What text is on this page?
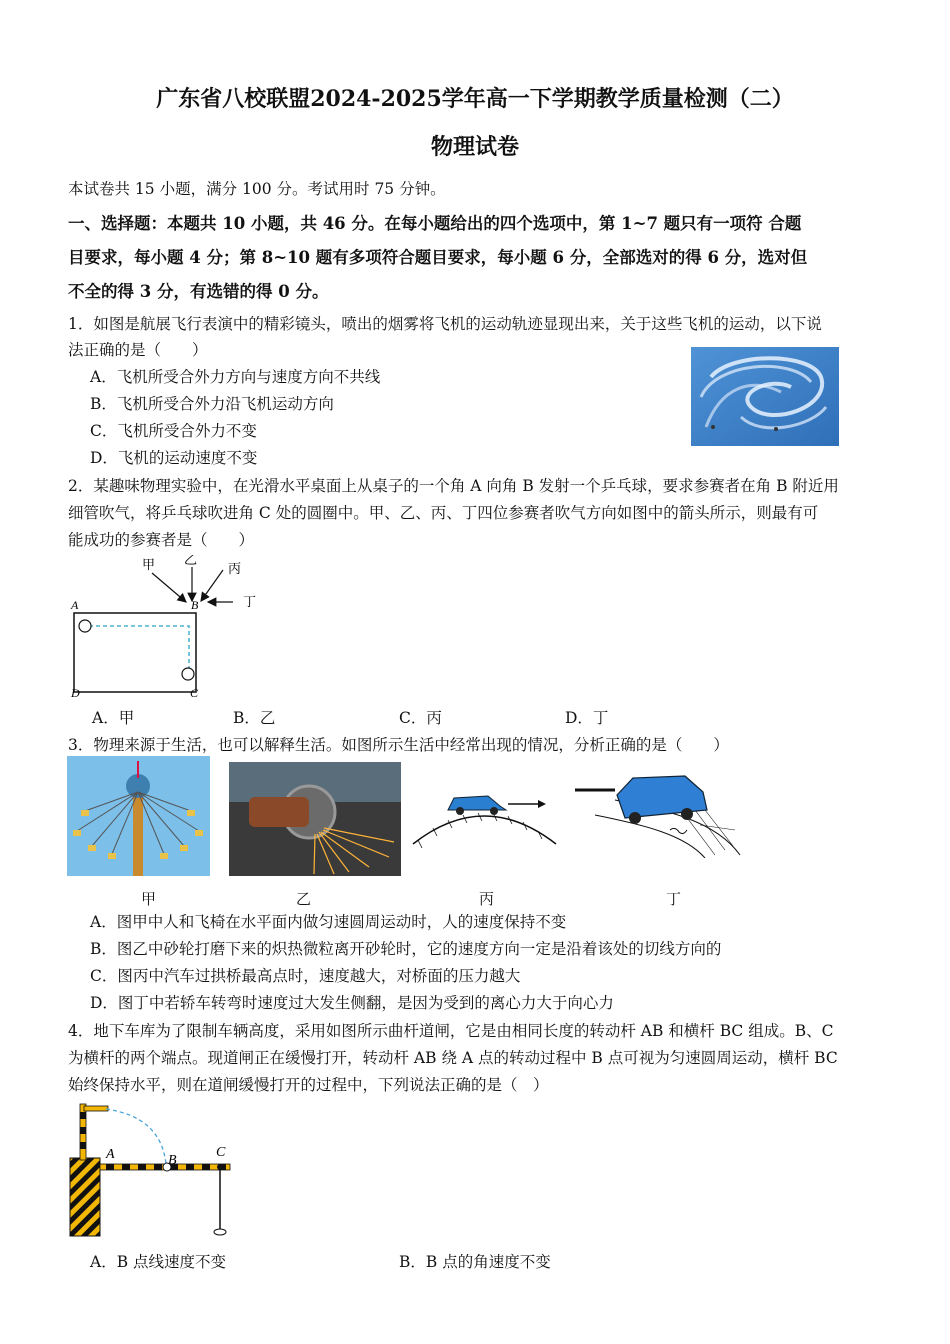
广东省八校联盟2024-2025学年高一下学期教学质量检测（二）
物理试卷
本试卷共 15 小题，满分 100 分。考试用时 75 分钟。
一、选择题：本题共 10 小题，共 46 分。在每小题给出的四个选项中，第 1~7 题只有一项符 合题
目要求，每小题 4 分；第 8~10 题有多项符合题目要求，每小题 6 分，全部选对的得 6 分，选对但
不全的得 3 分，有选错的得 0 分。
1．如图是航展飞行表演中的精彩镜头，喷出的烟雾将飞机的运动轨迹显现出来，关于这些飞机的运动，以下说
法正确的是（　　）
A．飞机所受合外力方向与速度方向不共线
B．飞机所受合外力沿飞机运动方向
C．飞机所受合外力不变
D．飞机的运动速度不变
2．某趣味物理实验中，在光滑水平桌面上从桌子的一个角 A 向角 B 发射一个乒乓球，要求参赛者在角 B 附近用
细管吹气，将乒乓球吹进角 C 处的圆圈中。甲、乙、丙、丁四位参赛者吹气方向如图中的箭头所示，则最有可
能成功的参赛者是（　　）
甲 乙
丙
丁
A	B
C
D
A．甲	B．乙	C．丙	D．丁
3．物理来源于生活，也可以解释生活。如图所示生活中经常出现的情况，分析正确的是（　　）
甲	乙	丙	丁
A．图甲中人和飞椅在水平面内做匀速圆周运动时，人的速度保持不变
B．图乙中砂轮打磨下来的炽热微粒离开砂轮时，它的速度方向一定是沿着该处的切线方向的
C．图丙中汽车过拱桥最高点时，速度越大，对桥面的压力越大
D．图丁中若轿车转弯时速度过大发生侧翻，是因为受到的离心力大于向心力
4．地下车库为了限制车辆高度，采用如图所示曲杆道闸，它是由相同长度的转动杆 AB 和横杆 BC 组成。B、C
为横杆的两个端点。现道闸正在缓慢打开，转动杆 AB 绕 A 点的转动过程中 B 点可视为匀速圆周运动，横杆 BC
始终保持水平，则在道闸缓慢打开的过程中，下列说法正确的是（　）
A	B
C
A．B 点线速度不变	B．B 点的角速度不变
